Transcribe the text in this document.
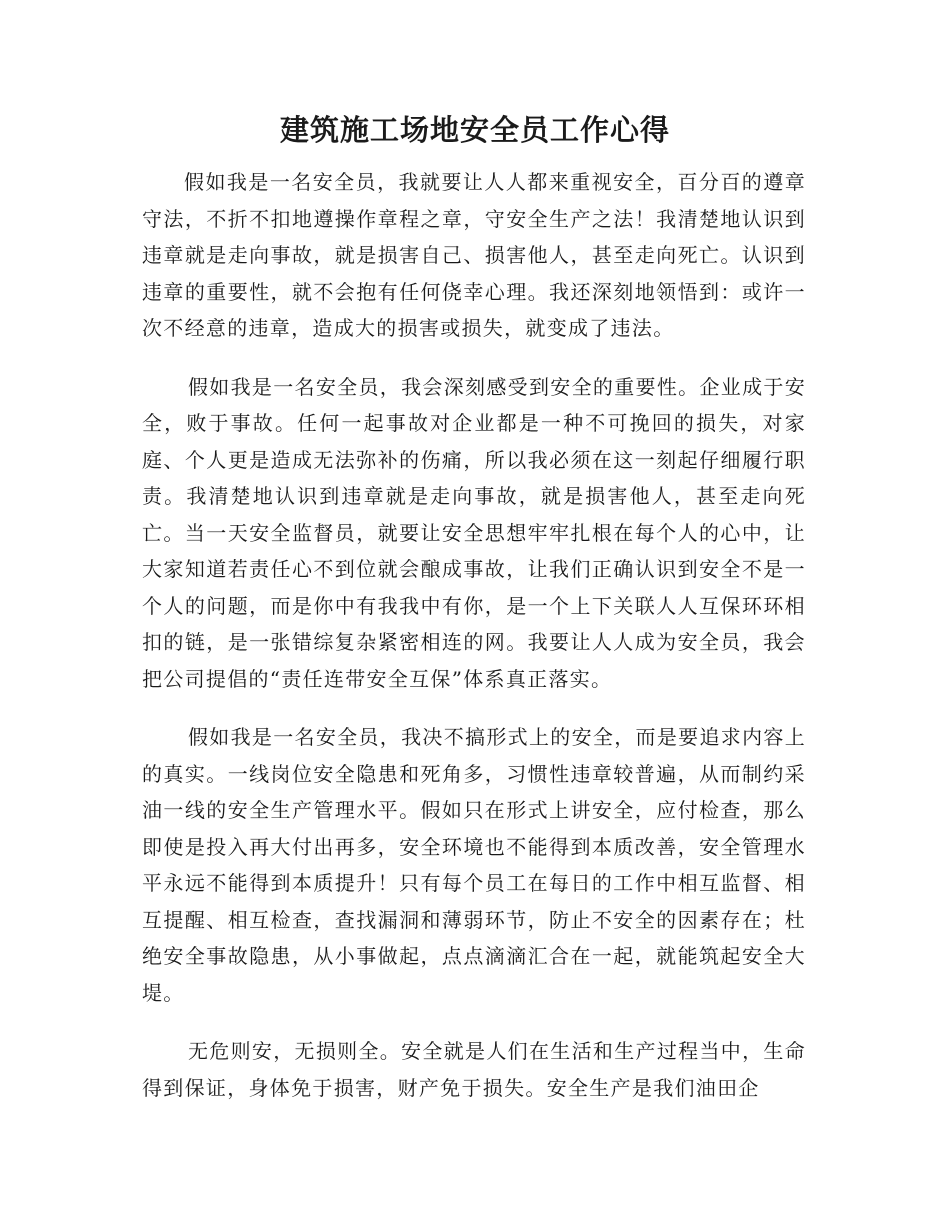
建筑施工场地安全员工作心得

假如我是一名安全员，我就要让人人都来重视安全，百分百的遵章守法，不折不扣地遵操作章程之章，守安全生产之法！我清楚地认识到违章就是走向事故，就是损害自己、损害他人，甚至走向死亡。认识到违章的重要性，就不会抱有任何侥幸心理。我还深刻地领悟到：或许一次不经意的违章，造成大的损害或损失，就变成了违法。

假如我是一名安全员，我会深刻感受到安全的重要性。企业成于安全，败于事故。任何一起事故对企业都是一种不可挽回的损失，对家庭、个人更是造成无法弥补的伤痛，所以我必须在这一刻起仔细履行职责。我清楚地认识到违章就是走向事故，就是损害他人，甚至走向死亡。当一天安全监督员，就要让安全思想牢牢扎根在每个人的心中，让大家知道若责任心不到位就会酿成事故，让我们正确认识到安全不是一个人的问题，而是你中有我我中有你，是一个上下关联人人互保环环相扣的链，是一张错综复杂紧密相连的网。我要让人人成为安全员，我会把公司提倡的“责任连带安全互保”体系真正落实。

假如我是一名安全员，我决不搞形式上的安全，而是要追求内容上的真实。一线岗位安全隐患和死角多，习惯性违章较普遍，从而制约采油一线的安全生产管理水平。假如只在形式上讲安全，应付检查，那么即使是投入再大付出再多，安全环境也不能得到本质改善，安全管理水平永远不能得到本质提升！只有每个员工在每日的工作中相互监督、相互提醒、相互检查，查找漏洞和薄弱环节，防止不安全的因素存在；杜绝安全事故隐患，从小事做起，点点滴滴汇合在一起，就能筑起安全大堤。

无危则安，无损则全。安全就是人们在生活和生产过程当中，生命得到保证，身体免于损害，财产免于损失。安全生产是我们油田企
